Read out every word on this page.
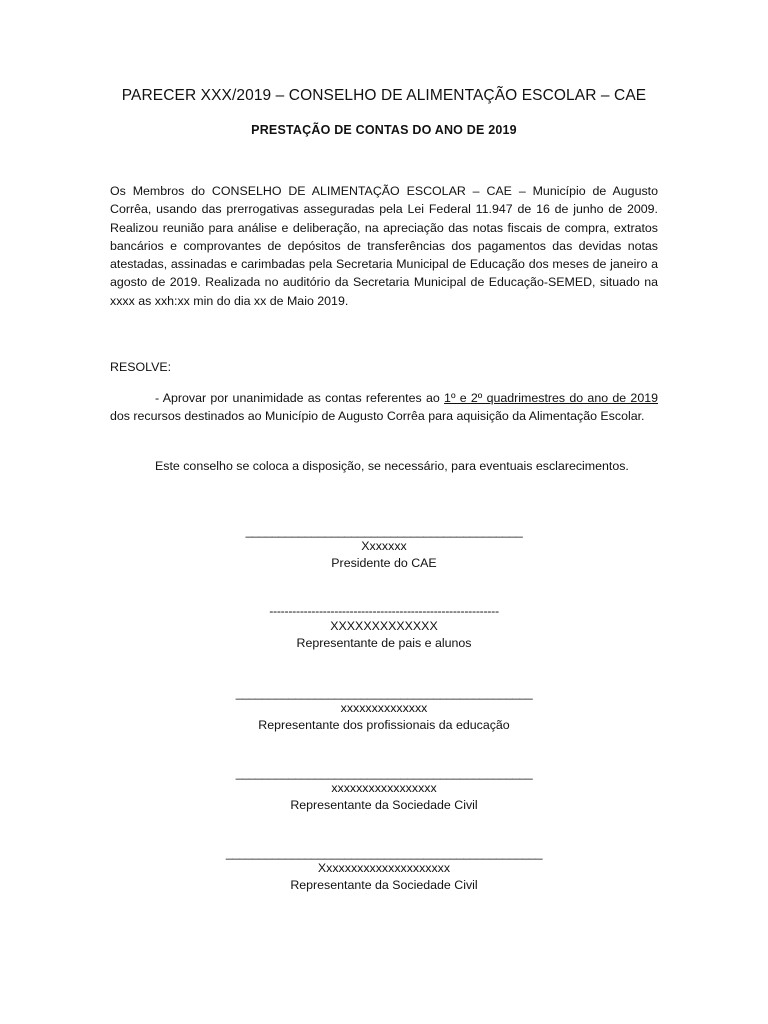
PARECER XXX/2019 – CONSELHO DE ALIMENTAÇÃO ESCOLAR – CAE
PRESTAÇÃO DE CONTAS DO ANO DE 2019

Os Membros do CONSELHO DE ALIMENTAÇÃO ESCOLAR – CAE – Município de Augusto Corrêa, usando das prerrogativas asseguradas pela Lei Federal 11.947 de 16 de junho de 2009. Realizou reunião para análise e deliberação, na apreciação das notas fiscais de compra, extratos bancários e comprovantes de depósitos de transferências dos pagamentos das devidas notas atestadas, assinadas e carimbadas pela Secretaria Municipal de Educação dos meses de janeiro a agosto de 2019. Realizada no auditório da Secretaria Municipal de Educação-SEMED, situado na xxxx as xxh:xx min do dia xx de Maio 2019.

RESOLVE:

- Aprovar por unanimidade as contas referentes ao 1º e 2º quadrimestres do ano de 2019 dos recursos destinados ao Município de Augusto Corrêa para aquisição da Alimentação Escolar.

Este conselho se coloca a disposição, se necessário, para eventuais esclarecimentos.

__________________________________________
Xxxxxxx
Presidente do CAE
------------------------------------------------------------
XXXXXXXXXXXXX
Representante de pais e alunos
_____________________________________________
xxxxxxxxxxxxxx
Representante dos profissionais da educação
_____________________________________________
xxxxxxxxxxxxxxxxx
Representante da Sociedade Civil
________________________________________________
Xxxxxxxxxxxxxxxxxxxxx
Representante da Sociedade Civil
